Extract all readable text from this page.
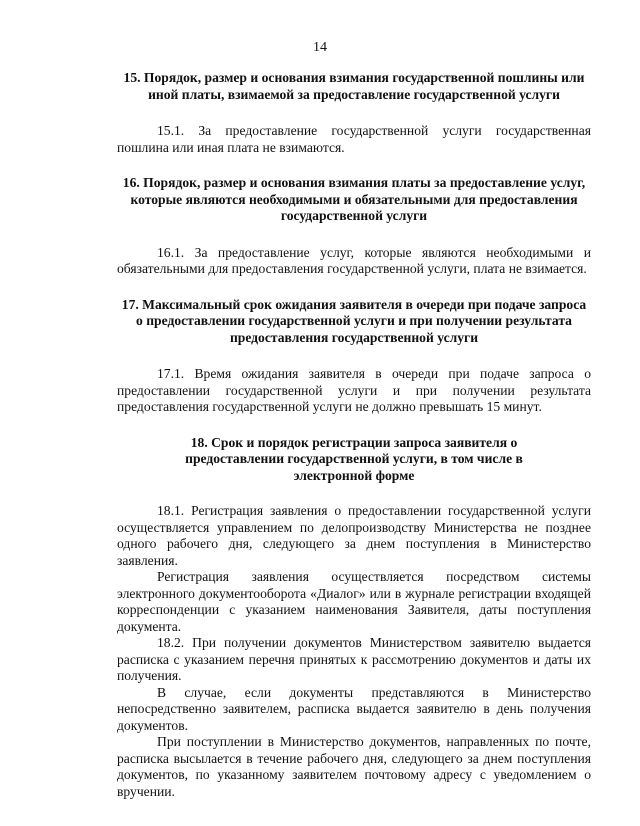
14

15. Порядок, размер и основания взимания государственной пошлины или иной платы, взимаемой за предоставление государственной услуги

15.1. За предоставление государственной услуги государственная пошлина или иная плата не взимаются.

16. Порядок, размер и основания взимания платы за предоставление услуг, которые являются необходимыми и обязательными для предоставления государственной услуги

16.1. За предоставление услуг, которые являются необходимыми и обязательными для предоставления государственной услуги, плата не взимается.

17. Максимальный срок ожидания заявителя в очереди при подаче запроса о предоставлении государственной услуги и при получении результата предоставления государственной услуги

17.1. Время ожидания заявителя в очереди при подаче запроса о предоставлении государственной услуги и при получении результата предоставления государственной услуги не должно превышать 15 минут.

18. Срок и порядок регистрации запроса заявителя о предоставлении государственной услуги, в том числе в электронной форме

18.1. Регистрация заявления о предоставлении государственной услуги осуществляется управлением по делопроизводству Министерства не позднее одного рабочего дня, следующего за днем поступления в Министерство заявления.

Регистрация заявления осуществляется посредством системы электронного документооборота «Диалог» или в журнале регистрации входящей корреспонденции с указанием наименования Заявителя, даты поступления документа.

18.2. При получении документов Министерством заявителю выдается расписка с указанием перечня принятых к рассмотрению документов и даты их получения.

В случае, если документы представляются в Министерство непосредственно заявителем, расписка выдается заявителю в день получения документов.

При поступлении в Министерство документов, направленных по почте, расписка высылается в течение рабочего дня, следующего за днем поступления документов, по указанному заявителем почтовому адресу с уведомлением о вручении.
